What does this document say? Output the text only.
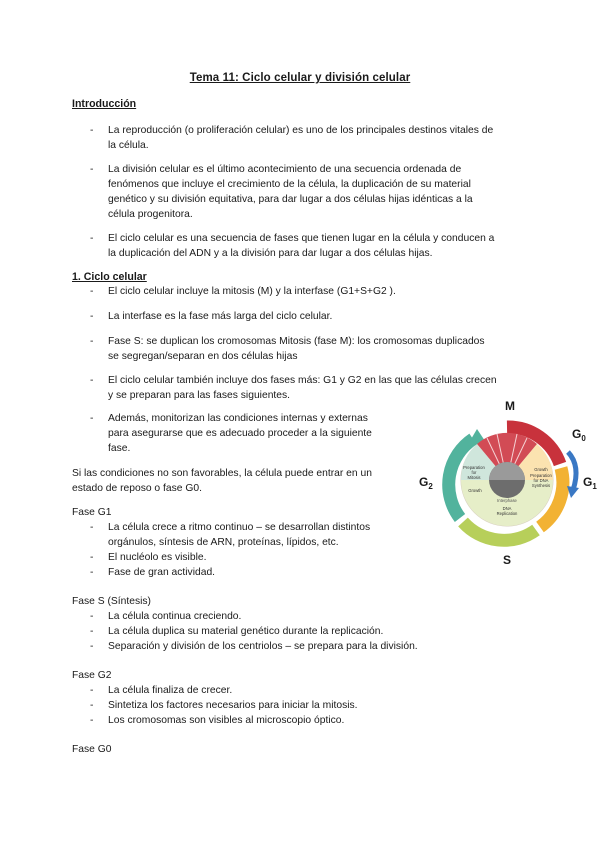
Tema 11: Ciclo celular y división celular
Introducción
- La reproducción (o proliferación celular) es uno de los principales destinos vitales de
la célula.
- La división celular es el último acontecimiento de una secuencia ordenada de
fenómenos que incluye el crecimiento de la célula, la duplicación de su material
genético y su división equitativa, para dar lugar a dos células hijas idénticas a la
célula progenitora.
- El ciclo celular es una secuencia de fases que tienen lugar en la célula y conducen a
la duplicación del ADN y a la división para dar lugar a dos células hijas.
1. Ciclo celular
- El ciclo celular incluye la mitosis (M) y la interfase (G1+S+G2 ).
- La interfase es la fase más larga del ciclo celular.
- Fase S: se duplican los cromosomas Mitosis (fase M): los cromosomas duplicados
se segregan/separan en dos células hijas
- El ciclo celular también incluye dos fases más: G1 y G2 en las que las células crecen
y se preparan para las fases siguientes.
- Además, monitorizan las condiciones internas y externas
para asegurarse que es adecuado proceder a la siguiente
fase.
Si las condiciones no son favorables, la célula puede entrar en un
estado de reposo o fase G0.
Fase G1
- La célula crece a ritmo continuo – se desarrollan distintos
orgánulos, síntesis de ARN, proteínas, lípidos, etc.
- El nucléolo es visible.
- Fase de gran actividad.
Fase S (Síntesis)
- La célula continua creciendo.
- La célula duplica su material genético durante la replicación.
- Separación y división de los centriolos – se prepara para la división.
Fase G2
- La célula finaliza de crecer.
- Sintetiza los factores necesarios para iniciar la mitosis.
- Los cromosomas son visibles al microscopio óptico.
Fase G0
M
$G_0$
$G_1$
$G_2$
S
Preparation
for
Mitosis
Growth
Growth
Preparation
for DNA
Synthesis
DNA
Replication
Interphase
